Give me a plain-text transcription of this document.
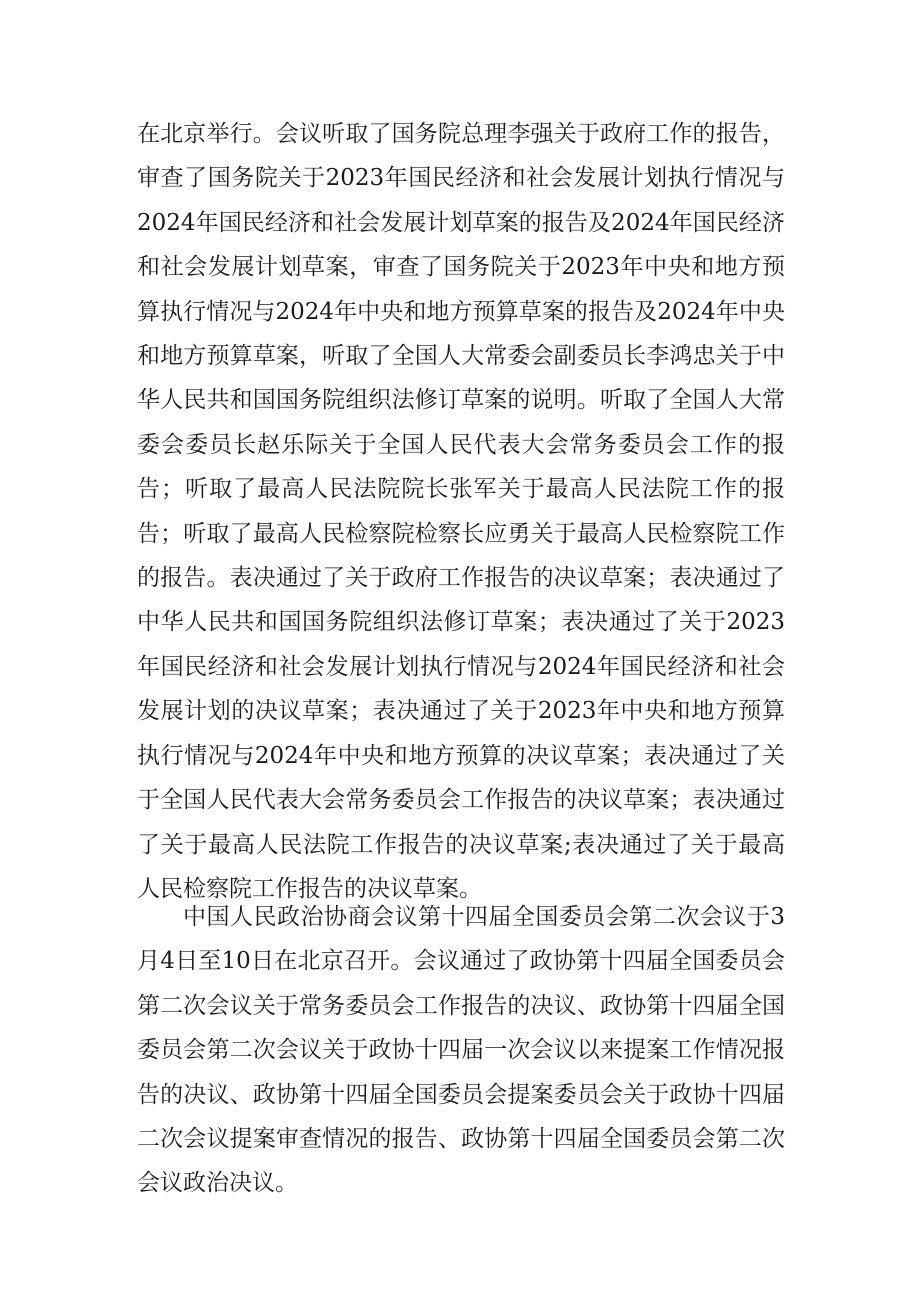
在北京举行。会议听取了国务院总理李强关于政府工作的报告，审查了国务院关于2023年国民经济和社会发展计划执行情况与2024年国民经济和社会发展计划草案的报告及2024年国民经济和社会发展计划草案，审查了国务院关于2023年中央和地方预算执行情况与2024年中央和地方预算草案的报告及2024年中央和地方预算草案，听取了全国人大常委会副委员长李鸿忠关于中华人民共和国国务院组织法修订草案的说明。听取了全国人大常委会委员长赵乐际关于全国人民代表大会常务委员会工作的报告；听取了最高人民法院院长张军关于最高人民法院工作的报告；听取了最高人民检察院检察长应勇关于最高人民检察院工作的报告。表决通过了关于政府工作报告的决议草案；表决通过了中华人民共和国国务院组织法修订草案；表决通过了关于2023年国民经济和社会发展计划执行情况与2024年国民经济和社会发展计划的决议草案；表决通过了关于2023年中央和地方预算执行情况与2024年中央和地方预算的决议草案；表决通过了关于全国人民代表大会常务委员会工作报告的决议草案；表决通过了关于最高人民法院工作报告的决议草案;表决通过了关于最高人民检察院工作报告的决议草案。

中国人民政治协商会议第十四届全国委员会第二次会议于3月4日至10日在北京召开。会议通过了政协第十四届全国委员会第二次会议关于常务委员会工作报告的决议、政协第十四届全国委员会第二次会议关于政协十四届一次会议以来提案工作情况报告的决议、政协第十四届全国委员会提案委员会关于政协十四届二次会议提案审查情况的报告、政协第十四届全国委员会第二次会议政治决议。
